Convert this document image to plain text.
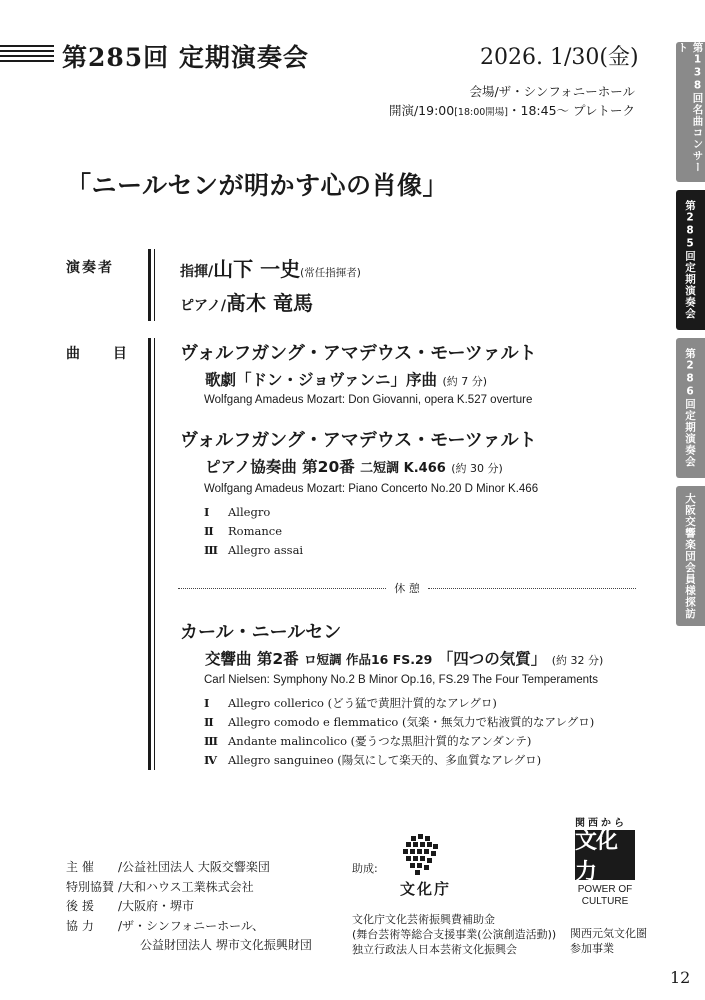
第285回 定期演奏会	2026. 1/30(金)
会場/ザ・シンフォニーホール
開演/19:00[18:00開場]・18:45〜 プレトーク
「ニールセンが明かす心の肖像」
第138回名曲コンサート
第285回定期演奏会
第286回定期演奏会
大阪交響楽団会員様探訪
演奏者	指揮/山下 一史(常任指揮者)
ピアノ/髙木 竜馬
曲 目 ヴォルフガング・アマデウス・モーツァルト
歌劇「ドン・ジョヴァンニ」序曲 (約 7 分)
Wolfgang Amadeus Mozart: Don Giovanni, opera K.527 overture
ヴォルフガング・アマデウス・モーツァルト
ピアノ協奏曲 第20番 二短調 K.466 (約 30 分)
Wolfgang Amadeus Mozart: Piano Concerto No.20 D Minor K.466
Ⅰ Allegro
Ⅱ Romance
Ⅲ Allegro assai
休 憩
カール・ニールセン
交響曲 第2番 ロ短調 作品16 FS.29 「四つの気質」 (約 32 分)
Carl Nielsen: Symphony No.2 B Minor Op.16, FS.29 The Four Temperaments
Ⅰ Allegro collerico (どう猛で黄胆汁質的なアレグロ)
Ⅱ Allegro comodo e flemmatico (気楽・無気力で粘液質的なアレグロ)
Ⅲ Andante malincolico (憂うつな黒胆汁質的なアンダンテ)
Ⅳ Allegro sanguineo (陽気にして楽天的、多血質なアレグロ)
主 催 /公益社団法人 大阪交響楽団
特別協賛 /大和ハウス工業株式会社
後 援 /大阪府・堺市
協 力 /ザ・シンフォニーホール、
公益財団法人 堺市文化振興財団
助成:
文化庁
文化庁文化芸術振興費補助金
(舞台芸術等総合支援事業(公演創造活動))
独立行政法人日本芸術文化振興会
関西から
文化力
POWER OF
CULTURE
関西元気文化圏
参加事業
12
